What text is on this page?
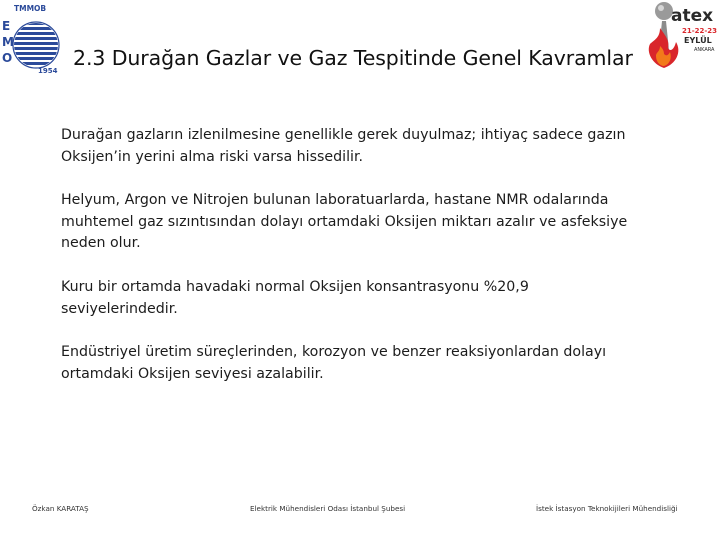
TMMOB
E
M
O
1954
2.3 Durağan Gazlar ve Gaz Tespitinde Genel Kavramlar
atex
21-22-23
EYLÜL
ANKARA
Durağan gazların izlenilmesine genellikle gerek duyulmaz; ihtiyaç sadece gazın
Oksijen’in yerini alma riski varsa hissedilir.
Helyum, Argon ve Nitrojen bulunan laboratuarlarda, hastane NMR odalarında
muhtemel gaz sızıntısından dolayı ortamdaki Oksijen miktarı azalır ve asfeksiye
neden olur.
Kuru bir ortamda havadaki normal Oksijen konsantrasyonu %20,9
seviyelerindedir.
Endüstriyel üretim süreçlerinden, korozyon ve benzer reaksiyonlardan dolayı
ortamdaki Oksijen seviyesi azalabilir.
Özkan KARATAŞ	Elektrik Mühendisleri Odası İstanbul Şubesi	İstek İstasyon Teknokijileri Mühendisliği
